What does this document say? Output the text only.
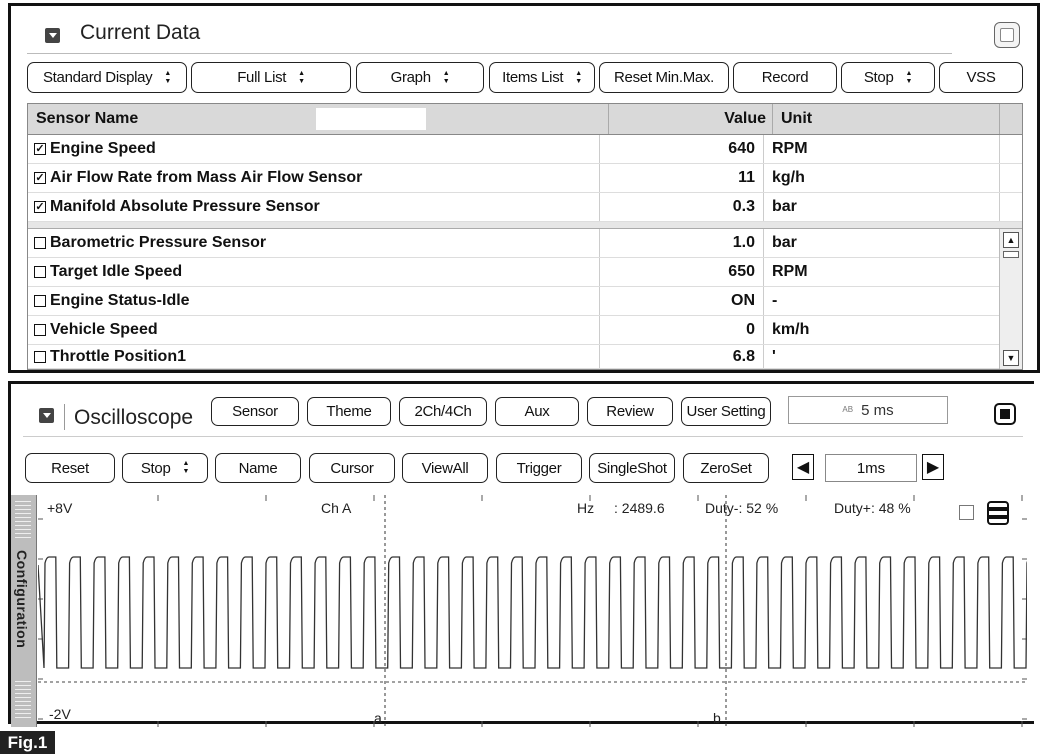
Current Data
Standard Display ▲
▼	Full List ▲
▼	Graph ▲
▼	Items List ▲
▼ Reset Min.Max.	Record	Stop ▲
▼	VSS
Sensor Name	Value Unit
✓ Engine Speed	640	RPM
✓ Air Flow Rate from Mass Air Flow Sensor	11	kg/h
✓ Manifold Absolute Pressure Sensor	0.3	bar
▲
▼
Barometric Pressure Sensor	1.0	bar
Target Idle Speed	650	RPM
Engine Status-Idle	ON	-
Vehicle Speed	0	km/h
Throttle Position1	6.8	'
Oscilloscope	Sensor	Theme	2Ch/4Ch	Aux	Review User Setting	AB 5 ms
Reset	Stop ▲
▼	Name	Cursor	ViewAll	Trigger SingleShot ZeroSet	◀	1ms	▶
Configuration
+8V
-2V
Ch A	Hz : 2489.6	Duty-: 52 %	Duty+: 48 %
a	b
Fig.1
